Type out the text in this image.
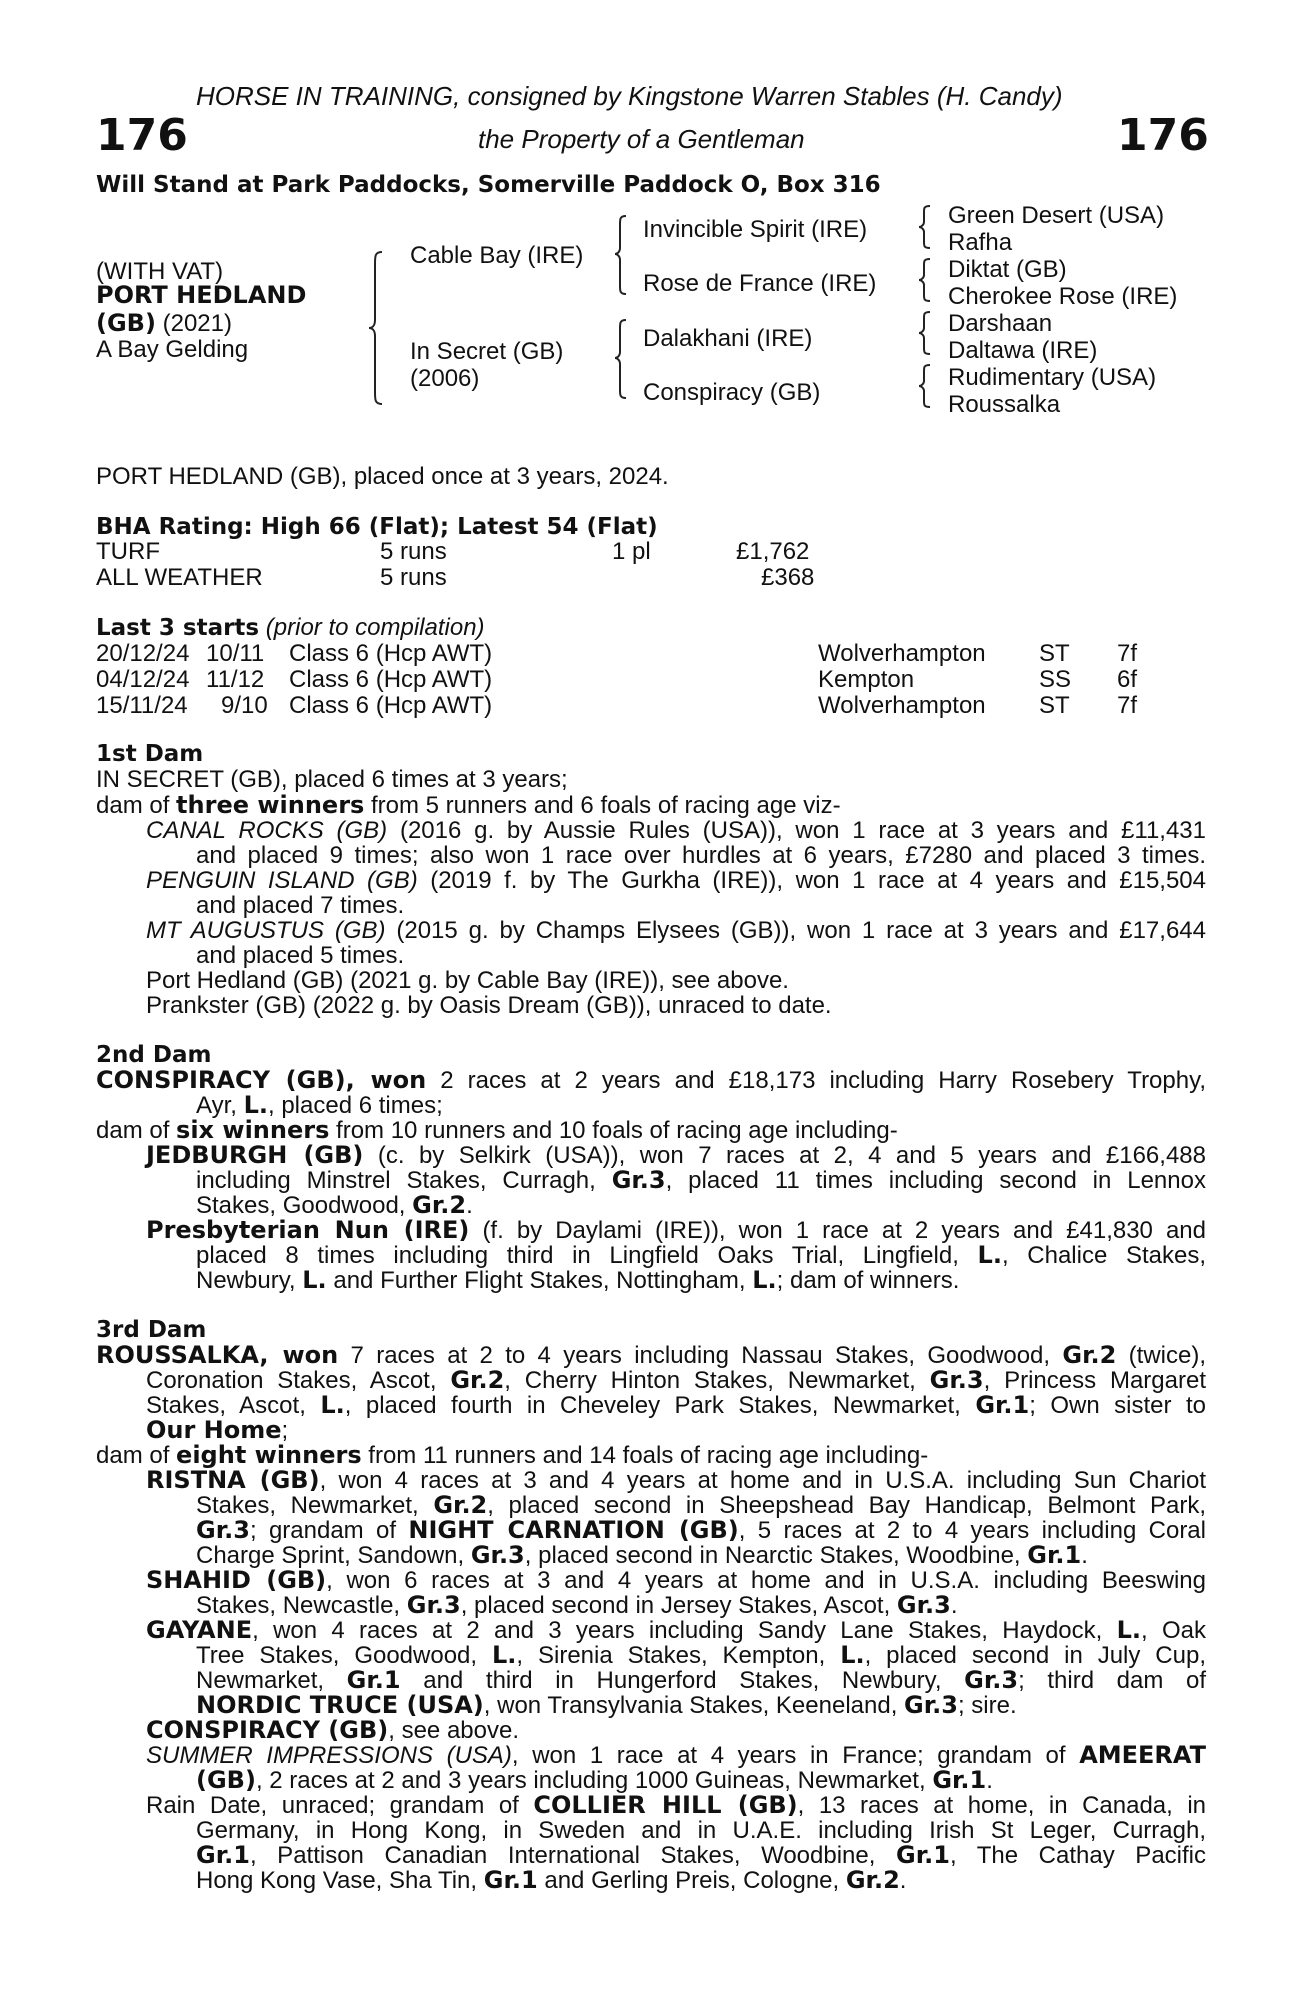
HORSE IN TRAINING, consigned by Kingstone Warren Stables (H. Candy)
176	the Property of a Gentleman	176
Will Stand at Park Paddocks, Somerville Paddock O, Box 316
(WITH VAT)
PORT HEDLAND
(GB) (2021)
A Bay Gelding
Cable Bay (IRE)
In Secret (GB)
(2006)
Invincible Spirit (IRE)
Rose de France (IRE)
Dalakhani (IRE)
Conspiracy (GB)
Green Desert (USA)
Rafha
Diktat (GB)
Cherokee Rose (IRE)
Darshaan
Daltawa (IRE)
Rudimentary (USA)
Roussalka
PORT HEDLAND (GB), placed once at 3 years, 2024.
BHA Rating: High 66 (Flat); Latest 54 (Flat)
TURF	5 runs	1 pl	£1,762
ALL WEATHER	5 runs	£368
Last 3 starts (prior to compilation)
20/12/24 10/11 Class 6 (Hcp AWT)	Wolverhampton ST 7f
04/12/24 11/12 Class 6 (Hcp AWT)	Kempton	SS 6f
15/11/24 9/10 Class 6 (Hcp AWT)	Wolverhampton ST 7f
1st Dam
IN SECRET (GB), placed 6 times at 3 years;
dam of three winners from 5 runners and 6 foals of racing age viz-
CANAL ROCKS (GB) (2016 g. by Aussie Rules (USA)), won 1 race at 3 years and £11,431
and placed 9 times; also won 1 race over hurdles at 6 years, £7280 and placed 3 times.
PENGUIN ISLAND (GB) (2019 f. by The Gurkha (IRE)), won 1 race at 4 years and £15,504
and placed 7 times.
MT AUGUSTUS (GB) (2015 g. by Champs Elysees (GB)), won 1 race at 3 years and £17,644
and placed 5 times.
Port Hedland (GB) (2021 g. by Cable Bay (IRE)), see above.
Prankster (GB) (2022 g. by Oasis Dream (GB)), unraced to date.
2nd Dam
CONSPIRACY (GB), won 2 races at 2 years and £18,173 including Harry Rosebery Trophy,
Ayr, L., placed 6 times;
dam of six winners from 10 runners and 10 foals of racing age including-
JEDBURGH (GB) (c. by Selkirk (USA)), won 7 races at 2, 4 and 5 years and £166,488
including Minstrel Stakes, Curragh, Gr.3, placed 11 times including second in Lennox
Stakes, Goodwood, Gr.2.
Presbyterian Nun (IRE) (f. by Daylami (IRE)), won 1 race at 2 years and £41,830 and
placed 8 times including third in Lingfield Oaks Trial, Lingfield, L., Chalice Stakes,
Newbury, L. and Further Flight Stakes, Nottingham, L.; dam of winners.
3rd Dam
ROUSSALKA, won 7 races at 2 to 4 years including Nassau Stakes, Goodwood, Gr.2 (twice),
Coronation Stakes, Ascot, Gr.2, Cherry Hinton Stakes, Newmarket, Gr.3, Princess Margaret
Stakes, Ascot, L., placed fourth in Cheveley Park Stakes, Newmarket, Gr.1; Own sister to
Our Home;
dam of eight winners from 11 runners and 14 foals of racing age including-
RISTNA (GB), won 4 races at 3 and 4 years at home and in U.S.A. including Sun Chariot
Stakes, Newmarket, Gr.2, placed second in Sheepshead Bay Handicap, Belmont Park,
Gr.3; grandam of NIGHT CARNATION (GB), 5 races at 2 to 4 years including Coral
Charge Sprint, Sandown, Gr.3, placed second in Nearctic Stakes, Woodbine, Gr.1.
SHAHID (GB), won 6 races at 3 and 4 years at home and in U.S.A. including Beeswing
Stakes, Newcastle, Gr.3, placed second in Jersey Stakes, Ascot, Gr.3.
GAYANE, won 4 races at 2 and 3 years including Sandy Lane Stakes, Haydock, L., Oak
Tree Stakes, Goodwood, L., Sirenia Stakes, Kempton, L., placed second in July Cup,
Newmarket, Gr.1 and third in Hungerford Stakes, Newbury, Gr.3; third dam of
NORDIC TRUCE (USA), won Transylvania Stakes, Keeneland, Gr.3; sire.
CONSPIRACY (GB), see above.
SUMMER IMPRESSIONS (USA), won 1 race at 4 years in France; grandam of AMEERAT
(GB), 2 races at 2 and 3 years including 1000 Guineas, Newmarket, Gr.1.
Rain Date, unraced; grandam of COLLIER HILL (GB), 13 races at home, in Canada, in
Germany, in Hong Kong, in Sweden and in U.A.E. including Irish St Leger, Curragh,
Gr.1, Pattison Canadian International Stakes, Woodbine, Gr.1, The Cathay Pacific
Hong Kong Vase, Sha Tin, Gr.1 and Gerling Preis, Cologne, Gr.2.
